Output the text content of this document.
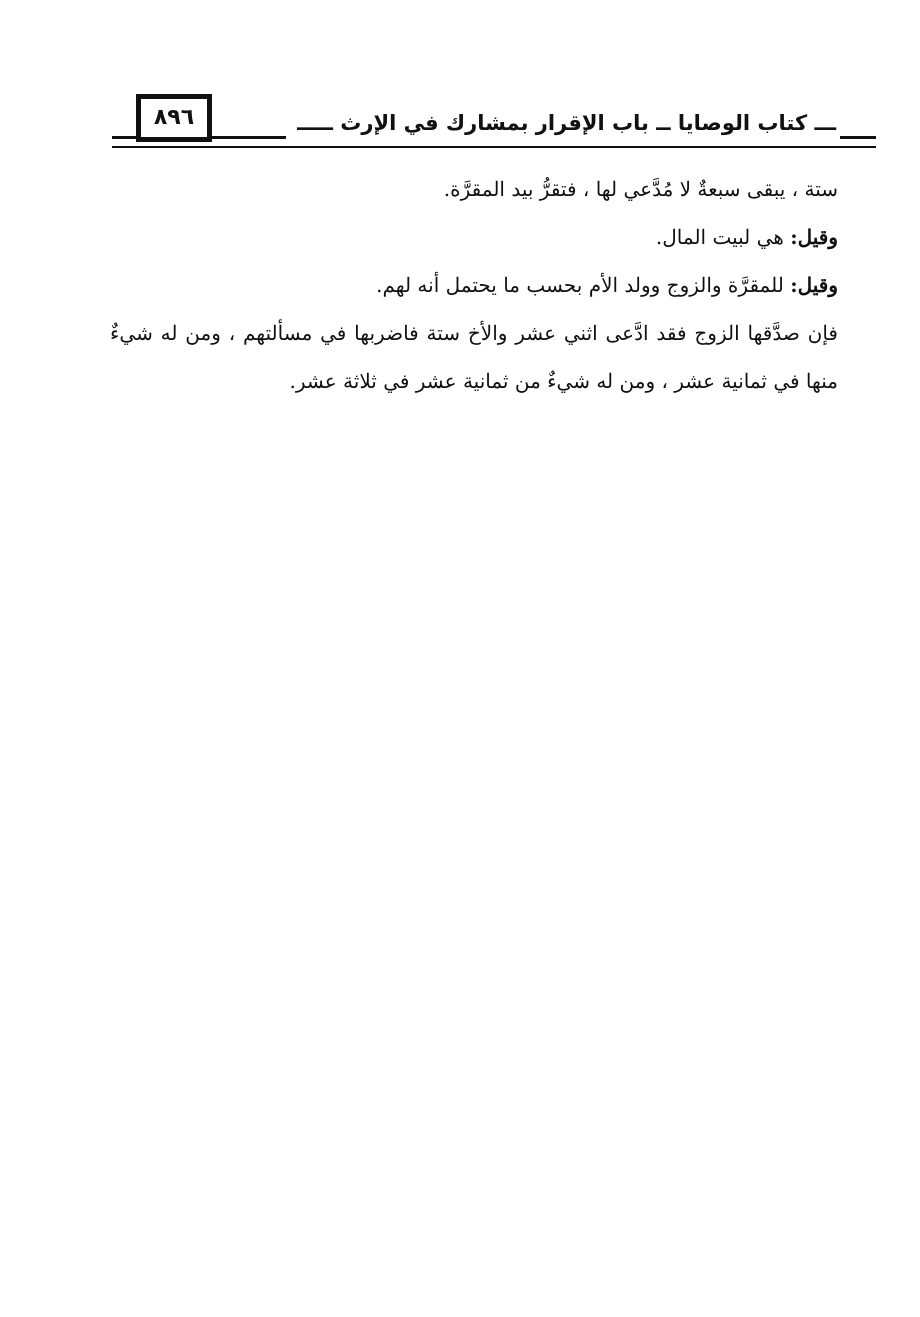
٨٩٦	ـــ كتاب الوصايا ــ باب الإقرار بمشارك في الإرث ـــــ

ستة ، يبقى سبعةٌ لا مُدَّعي لها ، فتقرُّ بيد المقرَّة.

وقيل: هي لبيت المال.

وقيل: للمقرَّة والزوج وولد الأم بحسب ما يحتمل أنه لهم.

فإن صدَّقها الزوج فقد ادَّعى اثني عشر والأخ ستة فاضربها في مسألتهم ، ومن له شيءٌ منها في ثمانية عشر ، ومن له شيءٌ من ثمانية عشر في ثلاثة عشر.
